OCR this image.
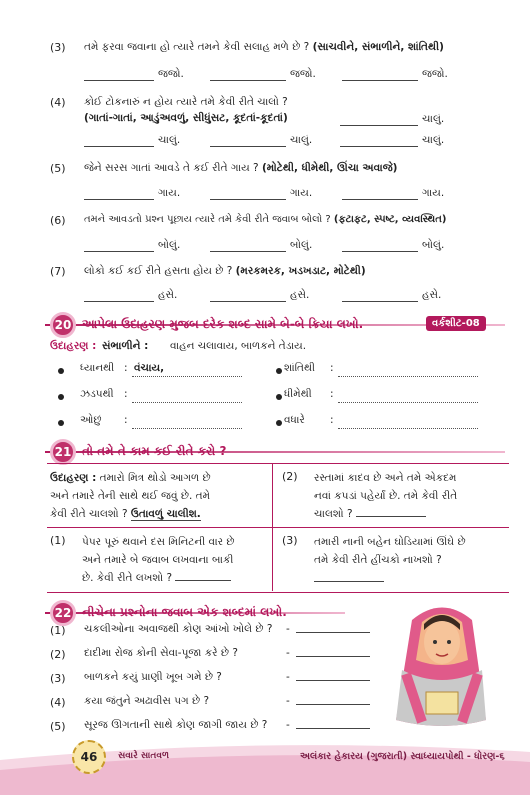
(3) તમે ફરવા જવાના હો ત્યારે તમને કેવી સલાહ મળે છે ? (સાચવીને, સંભાળીને, શાંતિથી)
જજો.	જજો.	જજો.
(4) કોઈ ટોકનારું ન હોય ત્યારે તમે કેવી રીતે ચાલો ?
(ગાતાં-ગાતાં, આડુંઅવળું, સીધુંસટ, કૂદતાં-કૂદતાં)	ચાલું.
ચાલું.	ચાલું.	ચાલું.
(5) જેને સરસ ગાતાં આવડે તે કઈ રીતે ગાય ? (મોટેથી, ધીમેથી, ઊંચા અવાજે)
ગાય.	ગાય.	ગાય.
(6) તમને આવડતો પ્રશ્ન પૂછાય ત્યારે તમે કેવી રીતે જવાબ બોલો ? (ફટાફટ, સ્પષ્ટ, વ્યવસ્થિત)
બોલું.	બોલું.	બોલું.
(7) લોકો કઈ કઈ રીતે હસતા હોય છે ? (મરકમરક, ખડખડાટ, મોટેથી)
હસે.	હસે.	હસે.
20 આપેલા ઉદાહરણ મુજબ દરેક શબ્દ સામે બે-બે ક્રિયા લખો.	વર્કશીટ-08
ઉદાહરણ : સંભાળીને : વાહન ચલાવાય, બાળકને તેડાય.
ધ્યાનથી : વંચાય,	શાંતિથી :
ઝડપથી :	ધીમેથી :
ઓછું :	વધારે :
21 તો તમે તે કામ કઈ રીતે કરો ?
ઉદાહરણ : તમારો મિત્ર થોડો આગળ છે
અને તમારે તેની સાથે થઈ જવું છે. તમે
કેવી રીતે ચાલશો ? ઉતાવળું ચાલીશ.
(2) રસ્તામાં કાદવ છે અને તમે એકદમ
નવાં કપડાં પહેર્યાં છે. તમે કેવી રીતે
ચાલશો ?
(1) પેપર પૂરું થવાને દસ મિનિટની વાર છે
અને તમારે બે જવાબ લખવાના બાકી
છે. કેવી રીતે લખશો ?
(3) તમારી નાની બહેન ઘોડિયામાં ઊંઘે છે
તમે કેવી રીતે હીંચકો નાખશો ?
22 નીચેના પ્રશ્નોના જવાબ એક શબ્દમાં લખો.
(1) ચકલીઓના અવાજથી કોણ આંખો ખોલે છે ? -
(2) દાદીમા રોજ કોની સેવા-પૂજા કરે છે ?	-
(3) બાળકને કયું પ્રાણી ખૂબ ગમે છે ?	-
(4) કયા જંતુને અઢાવીસ પગ છે ?	-
(5) સૂરજ ઊગતાની સાથે કોણ જાગી જાય છે ? -
46	સવારે સાતવળ	અલંકાર હેકારય (ગુજરાતી) સ્વાધ્યાયપોથી - ધોરણ-૬
